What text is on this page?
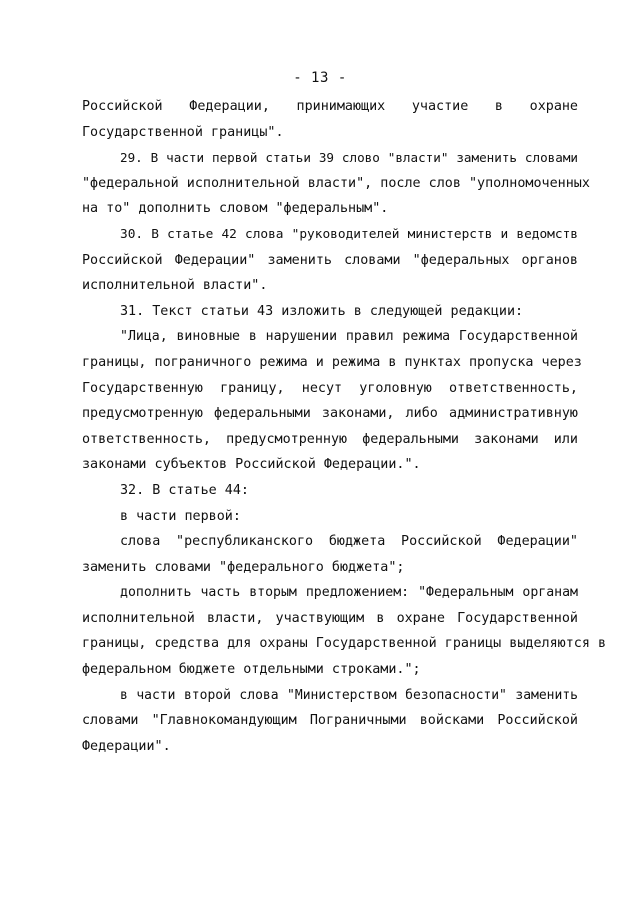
- 13 -
Российской Федерации, принимающих участие в охране
Государственной границы".
29. В части первой статьи 39 слово "власти" заменить словами
"федеральной исполнительной власти", после слов "уполномоченных
на то" дополнить словом "федеральным".
30. В статье 42 слова "руководителей министерств и ведомств
Российской Федерации" заменить словами "федеральных органов
исполнительной власти".
31. Текст статьи 43 изложить в следующей редакции:
"Лица, виновные в нарушении правил режима Государственной
границы, пограничного режима и режима в пунктах пропуска через
Государственную границу, несут уголовную ответственность,
предусмотренную федеральными законами, либо административную
ответственность, предусмотренную федеральными законами или
законами субъектов Российской Федерации.".
32. В статье 44:
в части первой:
слова "республиканского бюджета Российской Федерации"
заменить словами "федерального бюджета";
дополнить часть вторым предложением: "Федеральным органам
исполнительной власти, участвующим в охране Государственной
границы, средства для охраны Государственной границы выделяются в
федеральном бюджете отдельными строками.";
в части второй слова "Министерством безопасности" заменить
словами "Главнокомандующим Пограничными войсками Российской
Федерации".
